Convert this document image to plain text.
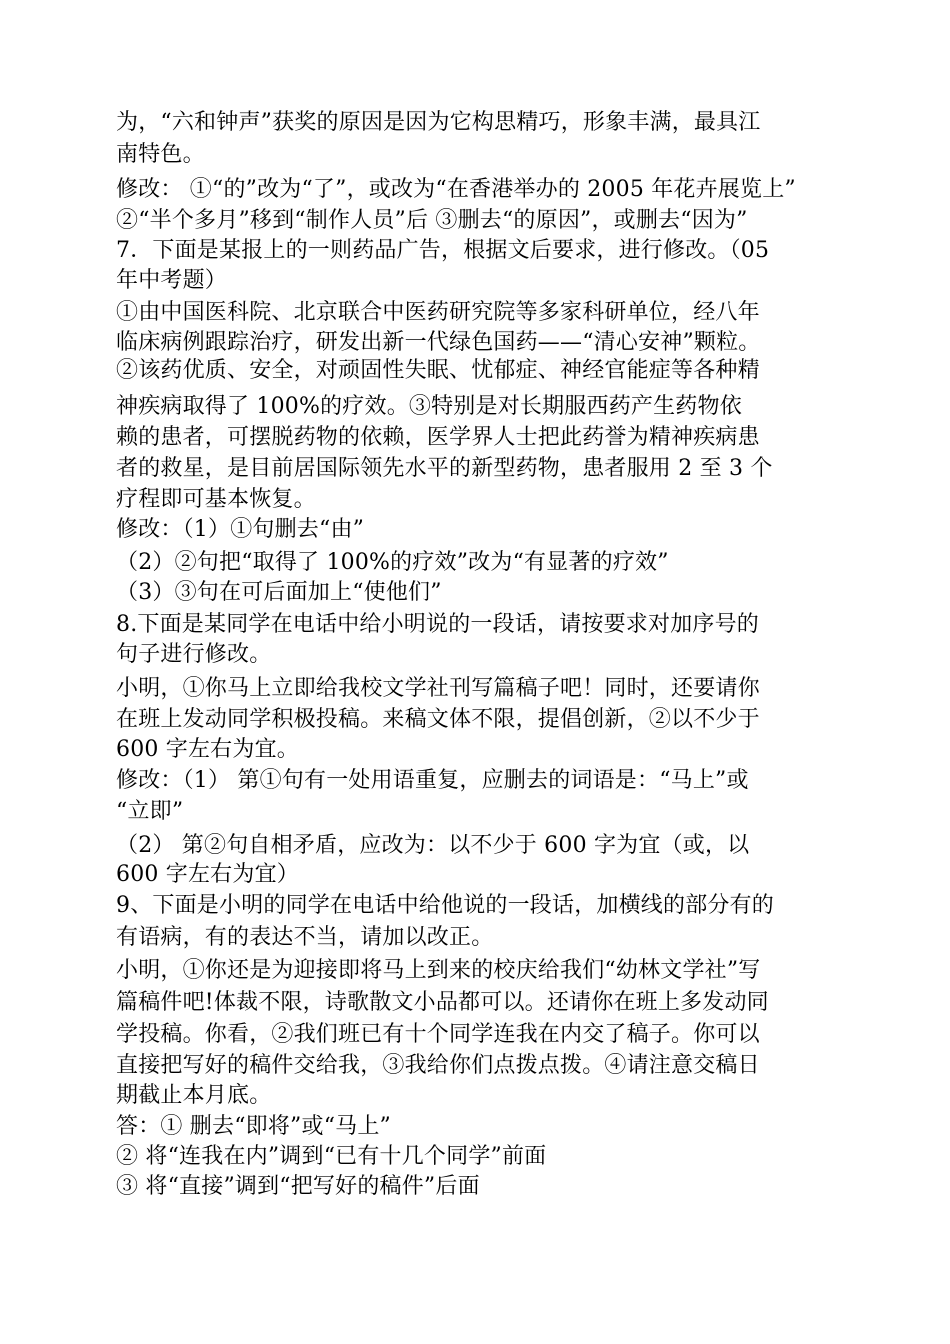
为，“六和钟声”获奖的原因是因为它构思精巧，形象丰满，最具江
南特色。
修改： ①“的”改为“了”，或改为“在香港举办的 2005 年花卉展览上”
②“半个多月”移到“制作人员”后 ③删去“的原因”，或删去“因为”
7．下面是某报上的一则药品广告，根据文后要求，进行修改。（05
年中考题）
①由中国医科院、北京联合中医药研究院等多家科研单位，经八年
临床病例跟踪治疗，研发出新一代绿色国药——“清心安神”颗粒。
②该药优质、安全，对顽固性失眠、忧郁症、神经官能症等各种精
神疾病取得了 100%的疗效。③特别是对长期服西药产生药物依
赖的患者，可摆脱药物的依赖，医学界人士把此药誉为精神疾病患
者的救星，是目前居国际领先水平的新型药物，患者服用 2 至 3 个
疗程即可基本恢复。
修改：（1）①句删去“由”
（2）②句把“取得了 100%的疗效”改为“有显著的疗效”
（3）③句在可后面加上“使他们”
8.下面是某同学在电话中给小明说的一段话，请按要求对加序号的
句子进行修改。
小明，①你马上立即给我校文学社刊写篇稿子吧！同时，还要请你
在班上发动同学积极投稿。来稿文体不限，提倡创新，②以不少于
600 字左右为宜。
修改：（1） 第①句有一处用语重复，应删去的词语是：“马上”或
“立即”
（2） 第②句自相矛盾，应改为：以不少于 600 字为宜（或，以
600 字左右为宜）
9、下面是小明的同学在电话中给他说的一段话，加横线的部分有的
有语病，有的表达不当，请加以改正。
小明，①你还是为迎接即将马上到来的校庆给我们“幼林文学社”写
篇稿件吧!体裁不限，诗歌散文小品都可以。还请你在班上多发动同
学投稿。你看，②我们班已有十个同学连我在内交了稿子。你可以
直接把写好的稿件交给我，③我给你们点拨点拨。④请注意交稿日
期截止本月底。
答：① 删去“即将”或“马上”
② 将“连我在内”调到“已有十几个同学”前面
③ 将“直接”调到“把写好的稿件”后面
